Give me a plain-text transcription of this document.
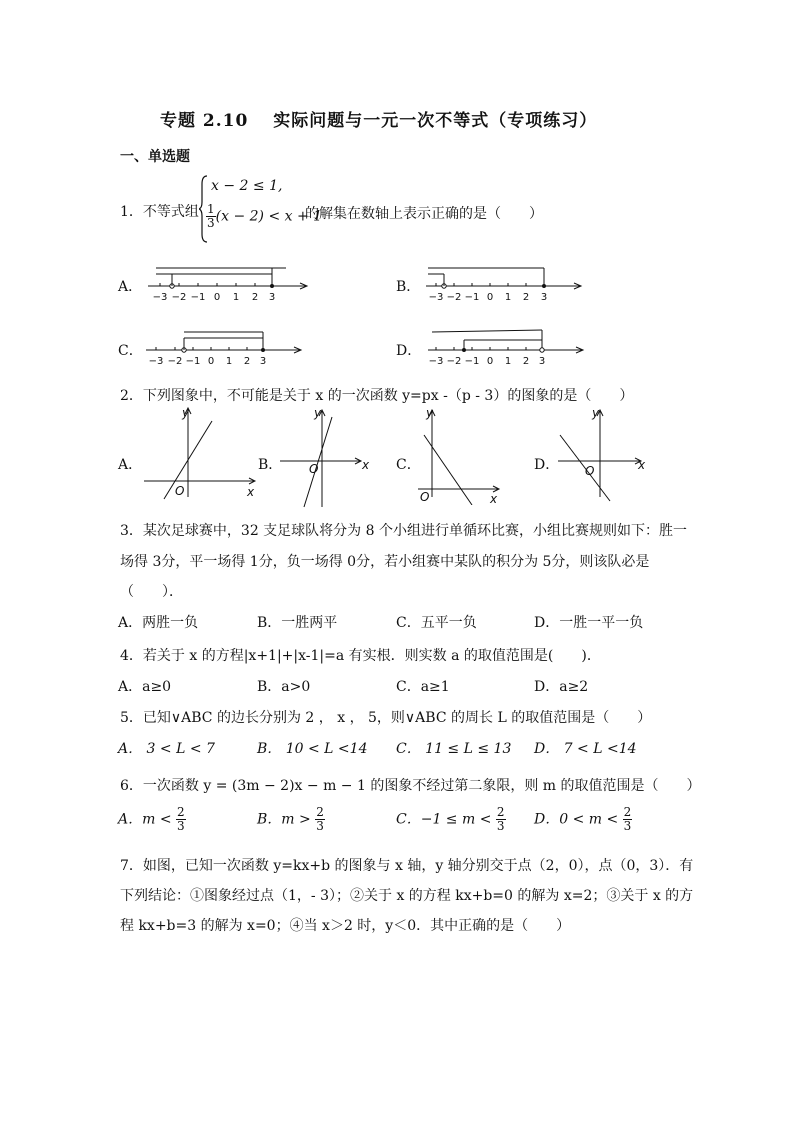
专题 2.10　 实际问题与一元一次不等式（专项练习）
一、单选题
1．不等式组
x − 2 ≤ 1,
$\frac{1}{3} (x - 2) < x + 1$
的解集在数轴上表示正确的是（　　）
A．	B．
C．	D．
−3 −2 −1 0 1 2 3	−3 −2 −1 0 1 2 3
−3 −2 −1 0 1 2 3	−3 −2 −1 0 1 2 3
2．下列图象中，不可能是关于 x 的一次函数 y=px -（p - 3）的图象的是（　　）
A．
y
x
O
B．
y
x
O	C．
y
x
O
D．
y
x
O
3．某次足球赛中，32 支足球队将分为 8 个小组进行单循环比赛，小组比赛规则如下：胜一
场得 3分，平一场得 1分，负一场得 0分，若小组赛中某队的积分为 5分，则该队必是
（　　）．
A．两胜一负	B．一胜两平	C．五平一负	D．一胜一平一负
4．若关于 x 的方程|x+1|+|x-1|=a 有实根．则实数 a 的取值范围是(　　)．
A．a≥0	B．a>0	C．a≥1	D．a≥2
5．已知∨ABC 的边长分别为 2 ， x ， 5，则∨ABC 的周长 L 的取值范围是（　　）
A． 3 < L < 7	B． 10 < L <14 C． 11 ≤ L ≤ 13 D． 7 < L <14
6．一次函数 y = (3m − 2)x − m − 1 的图象不经过第二象限，则 m 的取值范围是（　　）
A．$m < \frac{2}{3}$	B．$m > \frac{2}{3}$	C．$-1 \le m < \frac{2}{3}$ D．$0 < m < \frac{2}{3}$
7．如图，已知一次函数 y=kx+b 的图象与 x 轴，y 轴分别交于点（2，0），点（0，3）．有
下列结论：①图象经过点（1，- 3）；②关于 x 的方程 kx+b=0 的解为 x=2；③关于 x 的方
程 kx+b=3 的解为 x=0；④当 x＞2 时，y＜0．其中正确的是（　　）
